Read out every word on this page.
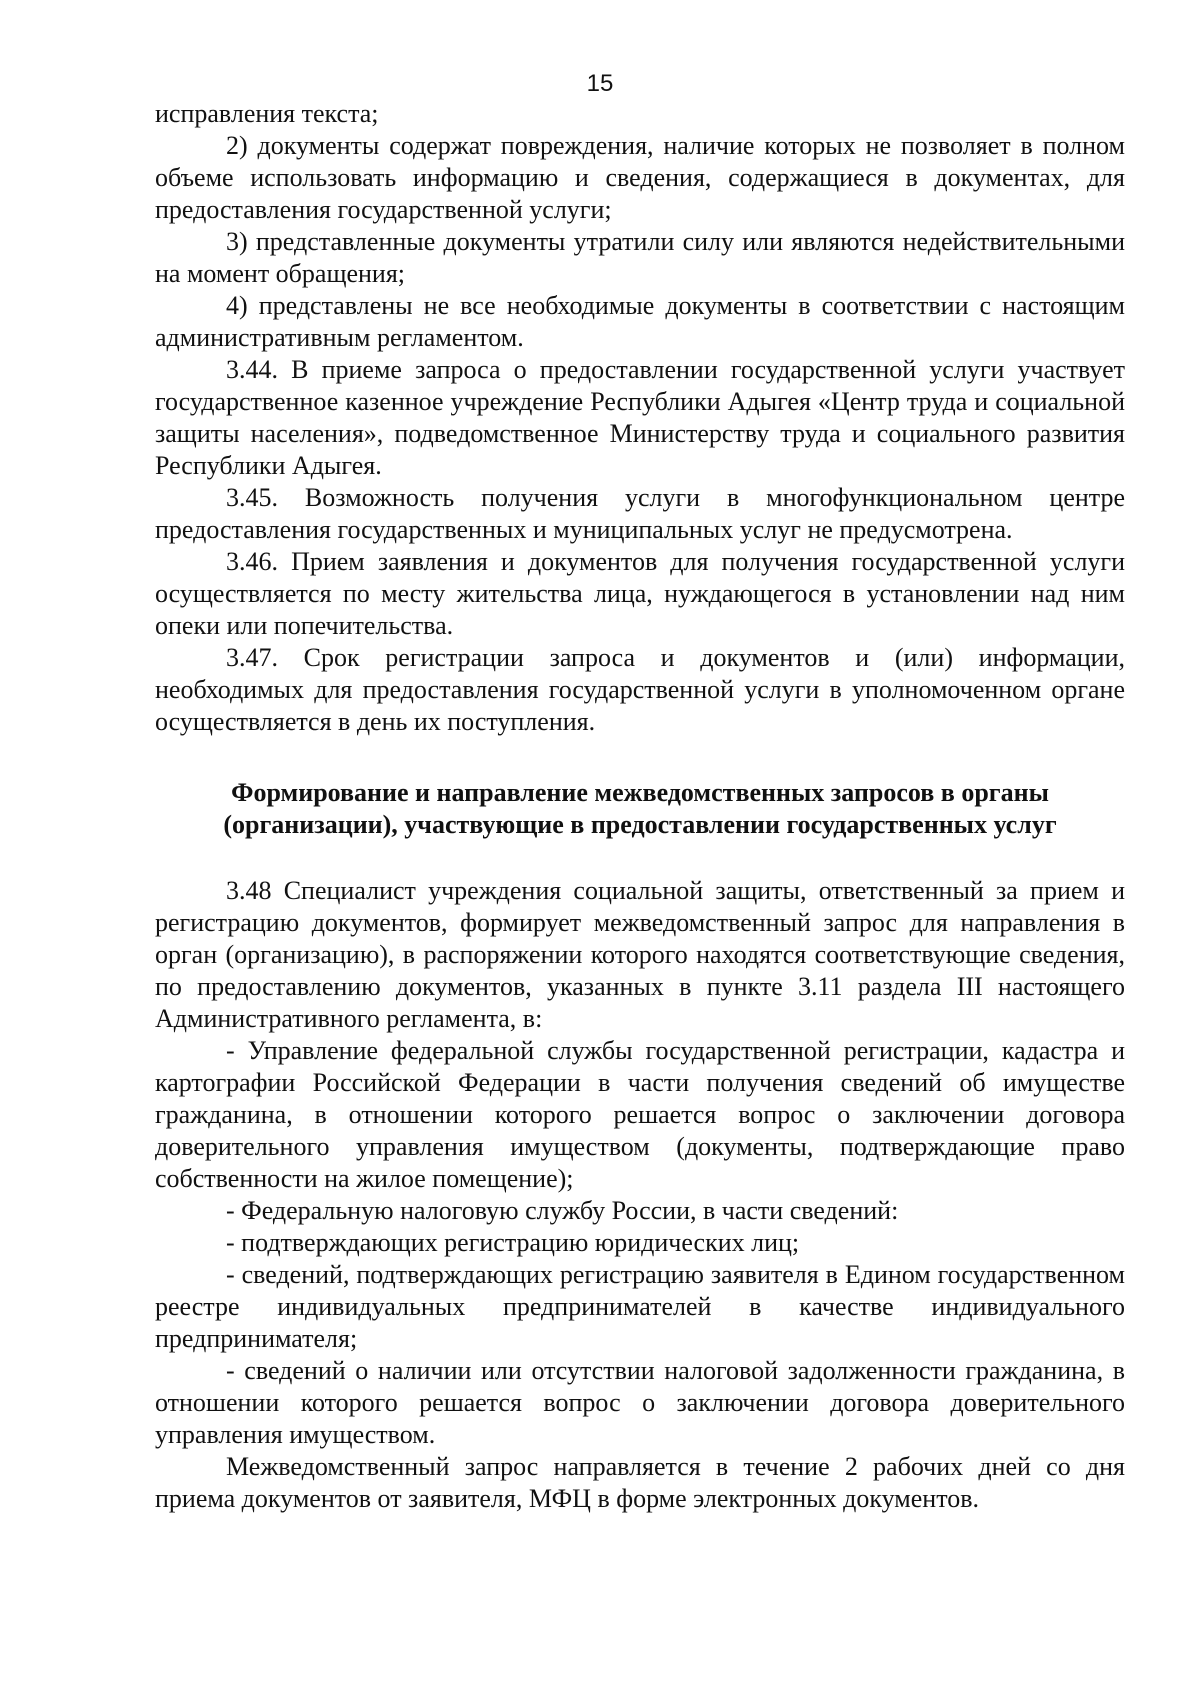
15

исправления текста;

2) документы содержат повреждения, наличие которых не позволяет в полном объеме использовать информацию и сведения, содержащиеся в документах, для предоставления государственной услуги;

3) представленные документы утратили силу или являются недействительными на момент обращения;

4) представлены не все необходимые документы в соответствии с настоящим административным регламентом.

3.44. В приеме запроса о предоставлении государственной услуги участвует государственное казенное учреждение Республики Адыгея «Центр труда и социальной защиты населения», подведомственное Министерству труда и социального развития Республики Адыгея.

3.45. Возможность получения услуги в многофункциональном центре предоставления государственных и муниципальных услуг не предусмотрена.

3.46. Прием заявления и документов для получения государственной услуги осуществляется по месту жительства лица, нуждающегося в установлении над ним опеки или попечительства.

3.47. Срок регистрации запроса и документов и (или) информации, необходимых для предоставления государственной услуги в уполномоченном органе осуществляется в день их поступления.

Формирование и направление межведомственных запросов в органы
(организации), участвующие в предоставлении государственных услуг

3.48 Специалист учреждения социальной защиты, ответственный за прием и регистрацию документов, формирует межведомственный запрос для направления в орган (организацию), в распоряжении которого находятся соответствующие сведения, по предоставлению документов, указанных в пункте 3.11 раздела III настоящего Административного регламента, в:

- Управление федеральной службы государственной регистрации, кадастра и картографии Российской Федерации в части получения сведений об имуществе гражданина, в отношении которого решается вопрос о заключении договора доверительного управления имуществом (документы, подтверждающие право собственности на жилое помещение);

- Федеральную налоговую службу России, в части сведений:

- подтверждающих регистрацию юридических лиц;

- сведений, подтверждающих регистрацию заявителя в Едином государственном реестре индивидуальных предпринимателей в качестве индивидуального предпринимателя;

- сведений о наличии или отсутствии налоговой задолженности гражданина, в отношении которого решается вопрос о заключении договора доверительного управления имуществом.

Межведомственный запрос направляется в течение 2 рабочих дней со дня приема документов от заявителя, МФЦ в форме электронных документов.
